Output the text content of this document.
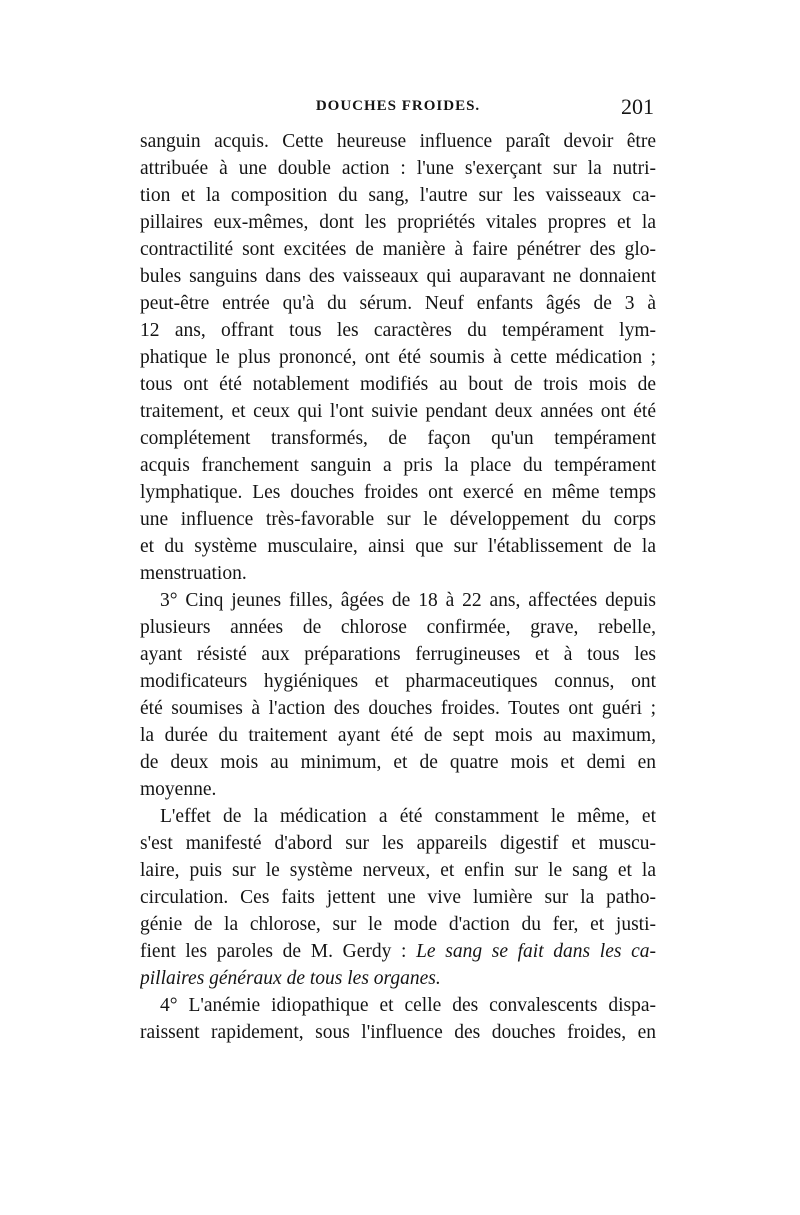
DOUCHES FROIDES.	201
sanguin acquis. Cette heureuse influence paraît devoir être
attribuée à une double action : l'une s'exerçant sur la nutri-
tion et la composition du sang, l'autre sur les vaisseaux ca-
pillaires eux-mêmes, dont les propriétés vitales propres et la
contractilité sont excitées de manière à faire pénétrer des glo-
bules sanguins dans des vaisseaux qui auparavant ne donnaient
peut-être entrée qu'à du sérum. Neuf enfants âgés de 3 à
12 ans, offrant tous les caractères du tempérament lym-
phatique le plus prononcé, ont été soumis à cette médication ;
tous ont été notablement modifiés au bout de trois mois de
traitement, et ceux qui l'ont suivie pendant deux années ont été
complétement transformés, de façon qu'un tempérament
acquis franchement sanguin a pris la place du tempérament
lymphatique. Les douches froides ont exercé en même temps
une influence très-favorable sur le développement du corps
et du système musculaire, ainsi que sur l'établissement de la
menstruation.
3° Cinq jeunes filles, âgées de 18 à 22 ans, affectées depuis
plusieurs années de chlorose confirmée, grave, rebelle,
ayant résisté aux préparations ferrugineuses et à tous les
modificateurs hygiéniques et pharmaceutiques connus, ont
été soumises à l'action des douches froides. Toutes ont guéri ;
la durée du traitement ayant été de sept mois au maximum,
de deux mois au minimum, et de quatre mois et demi en
moyenne.
L'effet de la médication a été constamment le même, et
s'est manifesté d'abord sur les appareils digestif et muscu-
laire, puis sur le système nerveux, et enfin sur le sang et la
circulation. Ces faits jettent une vive lumière sur la patho-
génie de la chlorose, sur le mode d'action du fer, et justi-
fient les paroles de M. Gerdy : Le sang se fait dans les ca-
pillaires généraux de tous les organes.
4° L'anémie idiopathique et celle des convalescents dispa-
raissent rapidement, sous l'influence des douches froides, en
